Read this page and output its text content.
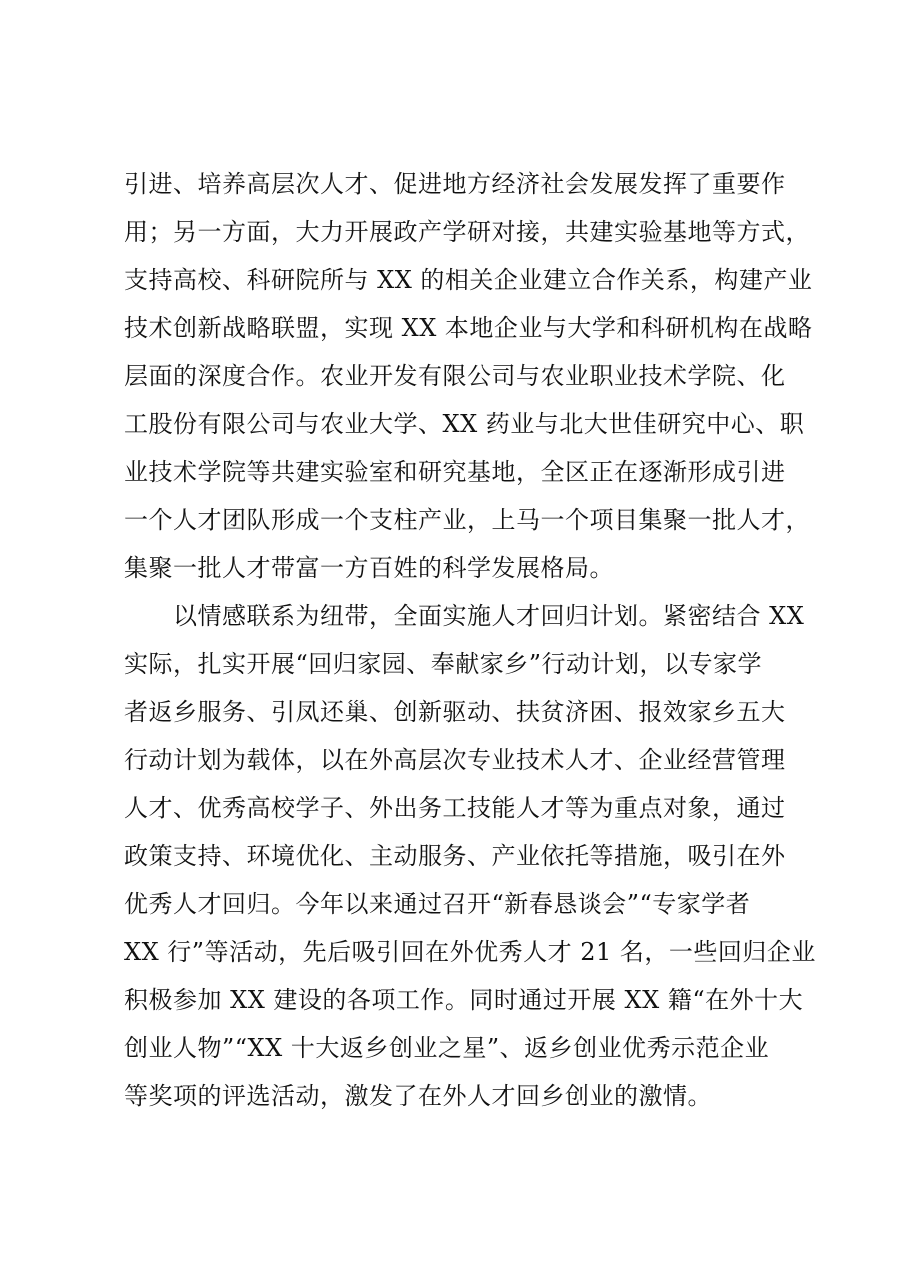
引进、培养高层次人才、促进地方经济社会发展发挥了重要作
用；另一方面，大力开展政产学研对接，共建实验基地等方式，
支持高校、科研院所与 XX 的相关企业建立合作关系，构建产业
技术创新战略联盟，实现 XX 本地企业与大学和科研机构在战略
层面的深度合作。农业开发有限公司与农业职业技术学院、化
工股份有限公司与农业大学、XX 药业与北大世佳研究中心、职
业技术学院等共建实验室和研究基地，全区正在逐渐形成引进
一个人才团队形成一个支柱产业，上马一个项目集聚一批人才，
集聚一批人才带富一方百姓的科学发展格局。
以情感联系为纽带，全面实施人才回归计划。紧密结合 XX
实际，扎实开展“回归家园、奉献家乡”行动计划，以专家学
者返乡服务、引凤还巢、创新驱动、扶贫济困、报效家乡五大
行动计划为载体，以在外高层次专业技术人才、企业经营管理
人才、优秀高校学子、外出务工技能人才等为重点对象，通过
政策支持、环境优化、主动服务、产业依托等措施，吸引在外
优秀人才回归。今年以来通过召开“新春恳谈会”“专家学者
XX 行”等活动，先后吸引回在外优秀人才 21 名，一些回归企业
积极参加 XX 建设的各项工作。同时通过开展 XX 籍“在外十大
创业人物”“XX 十大返乡创业之星”、返乡创业优秀示范企业
等奖项的评选活动，激发了在外人才回乡创业的激情。
